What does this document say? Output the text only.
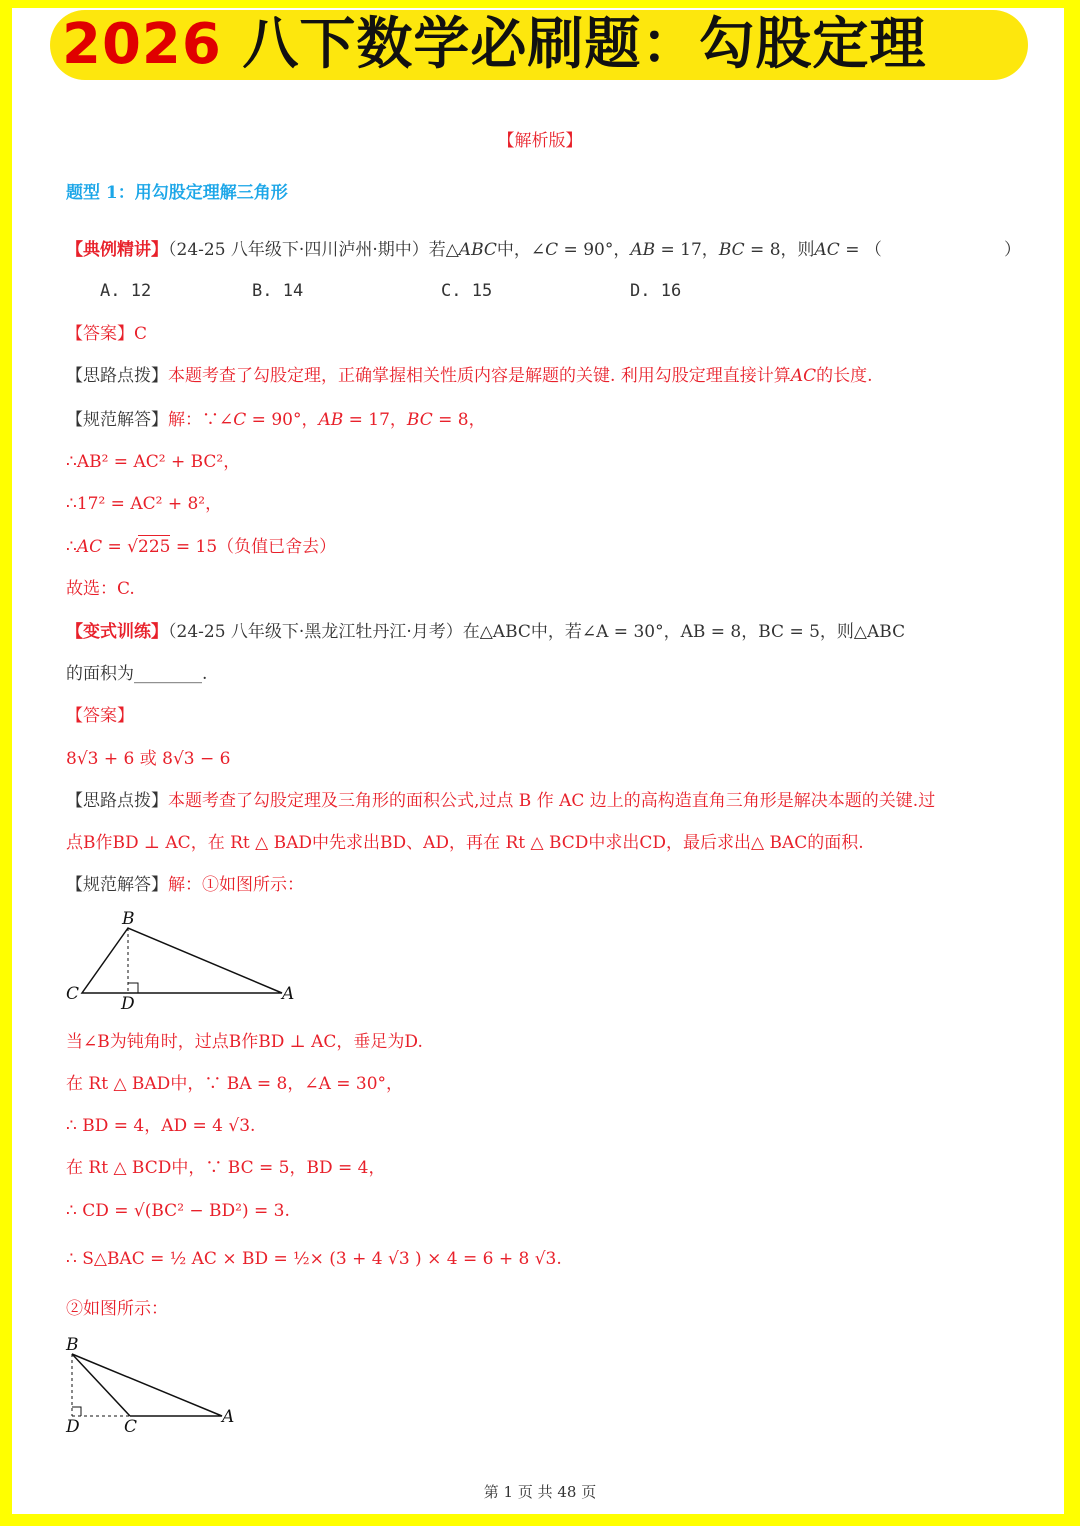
2026 八下数学必刷题：勾股定理
【解析版】
题型 1：用勾股定理解三角形
【典例精讲】（24-25 八年级下·四川泸州·期中）若△ABC中，∠C = 90°，AB = 17，BC = 8，则AC = （	）
A. 12	B. 14	C. 15	D. 16
【答案】C
【思路点拨】本题考查了勾股定理，正确掌握相关性质内容是解题的关键. 利用勾股定理直接计算AC的长度.
【规范解答】解：∵∠C = 90°，AB = 17，BC = 8，
∴AB² = AC² + BC²，
∴17² = AC² + 8²，
∴AC = √225 = 15（负值已舍去）
故选：C.
【变式训练】（24-25 八年级下·黑龙江牡丹江·月考）在△ABC中，若∠A = 30°，AB = 8，BC = 5，则△ABC
的面积为________.
【答案】
8√3 + 6 或 8√3 − 6
【思路点拨】本题考查了勾股定理及三角形的面积公式,过点 B 作 AC 边上的高构造直角三角形是解决本题的关键.过
点B作BD ⊥ AC，在 Rt △ BAD中先求出BD、AD，再在 Rt △ BCD中求出CD，最后求出△ BAC的面积.
【规范解答】解：①如图所示：
B
C D	A
当∠B为钝角时，过点B作BD ⊥ AC，垂足为D.
在 Rt △ BAD中，∵ BA = 8，∠A = 30°，
∴ BD = 4，AD = 4 √3.
在 Rt △ BCD中，∵ BC = 5，BD = 4，
∴ CD = √(BC² − BD²) = 3.
∴ S△BAC = ½ AC × BD = ½× (3 + 4 √3 ) × 4 = 6 + 8 √3.
②如图所示：
B
D	C	A
第 1 页 共 48 页
